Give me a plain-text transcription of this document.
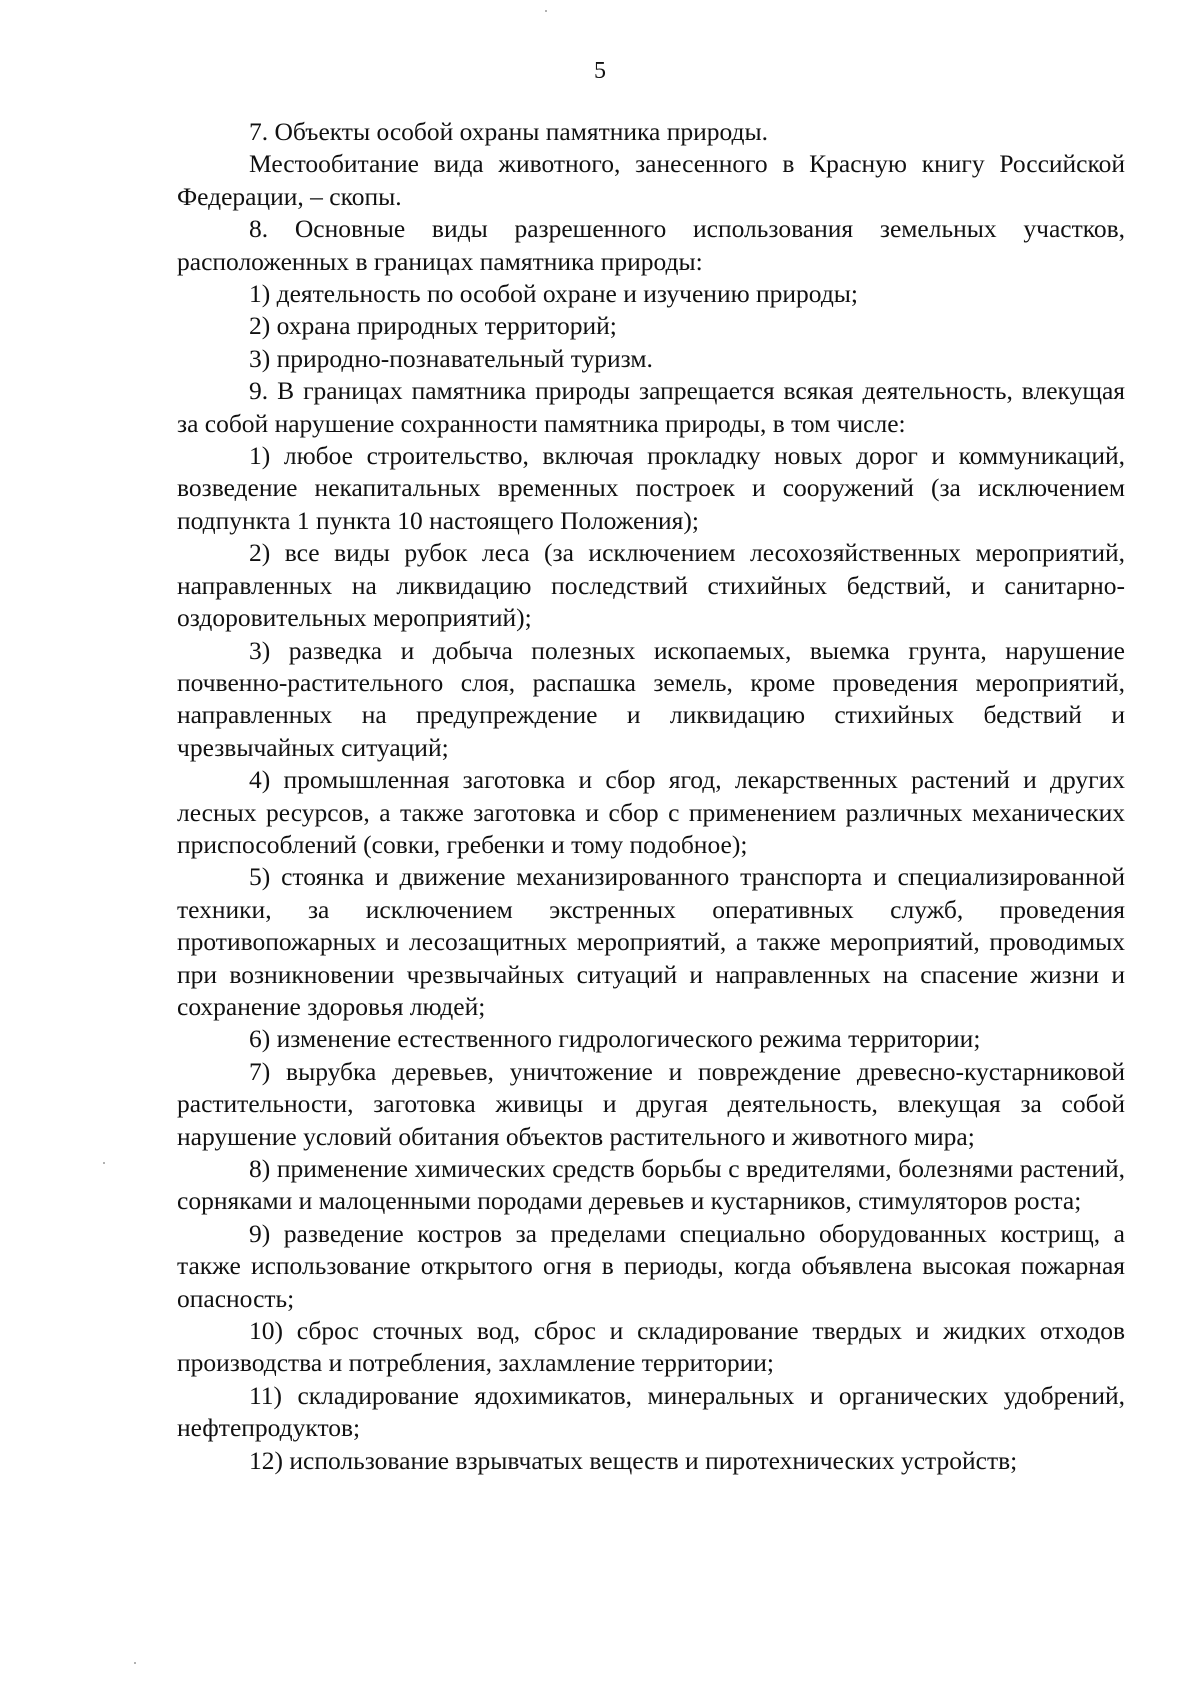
5

7. Объекты особой охраны памятника природы.

Местообитание вида животного, занесенного в Красную книгу Российской Федерации, – скопы.

8. Основные виды разрешенного использования земельных участков, расположенных в границах памятника природы:

1) деятельность по особой охране и изучению природы;

2) охрана природных территорий;

3) природно-познавательный туризм.

9. В границах памятника природы запрещается всякая деятельность, влекущая за собой нарушение сохранности памятника природы, в том числе:

1) любое строительство, включая прокладку новых дорог и коммуникаций, возведение некапитальных временных построек и сооружений (за исключением подпункта 1 пункта 10 настоящего Положения);

2) все виды рубок леса (за исключением лесохозяйственных мероприятий, направленных на ликвидацию последствий стихийных бедствий, и санитарно-оздоровительных мероприятий);

3) разведка и добыча полезных ископаемых, выемка грунта, нарушение почвенно-растительного слоя, распашка земель, кроме проведения мероприятий, направленных на предупреждение и ликвидацию стихийных бедствий и чрезвычайных ситуаций;

4) промышленная заготовка и сбор ягод, лекарственных растений и других лесных ресурсов, а также заготовка и сбор с применением различных механических приспособлений (совки, гребенки и тому подобное);

5) стоянка и движение механизированного транспорта и специализированной техники, за исключением экстренных оперативных служб, проведения противопожарных и лесозащитных мероприятий, а также мероприятий, проводимых при возникновении чрезвычайных ситуаций и направленных на спасение жизни и сохранение здоровья людей;

6) изменение естественного гидрологического режима территории;

7) вырубка деревьев, уничтожение и повреждение древесно-кустарниковой растительности, заготовка живицы и другая деятельность, влекущая за собой нарушение условий обитания объектов растительного и животного мира;

8) применение химических средств борьбы с вредителями, болезнями растений, сорняками и малоценными породами деревьев и кустарников, стимуляторов роста;

9) разведение костров за пределами специально оборудованных кострищ, а также использование открытого огня в периоды, когда объявлена высокая пожарная опасность;

10) сброс сточных вод, сброс и складирование твердых и жидких отходов производства и потребления, захламление территории;

11) складирование ядохимикатов, минеральных и органических удобрений, нефтепродуктов;

12) использование взрывчатых веществ и пиротехнических устройств;
